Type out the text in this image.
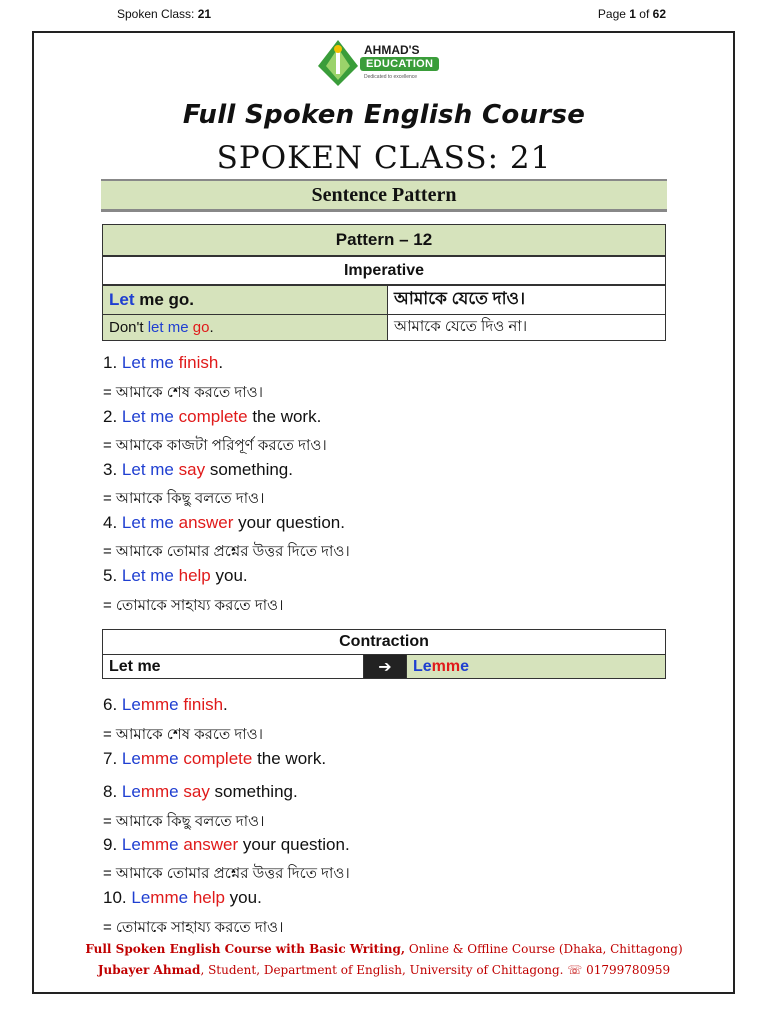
Spoken Class: 21	Page 1 of 62
AHMAD'S
EDUCATION
Dedicated to excellence
Full Spoken English Course
SPOKEN CLASS: 21
Sentence Pattern
Pattern – 12	
Imperative	
Let me go.	আমাকে যেতে দাও।
Don't let me go.	আমাকে যেতে দিও না।
1. Let me finish.
= আমাকে শেষ করতে দাও।
2. Let me complete the work.
= আমাকে কাজটা পরিপূর্ণ করতে দাও।
3. Let me say something.
= আমাকে কিছু বলতে দাও।
4. Let me answer your question.
= আমাকে তোমার প্রশ্নের উত্তর দিতে দাও।
5. Let me help you.
= তোমাকে সাহায্য করতে দাও।
Contraction
Let me	➔	Lemme
6. Lemme finish.
= আমাকে শেষ করতে দাও।
7. Lemme complete the work.
8. Lemme say something.
= আমাকে কিছু বলতে দাও।
9. Lemme answer your question.
= আমাকে তোমার প্রশ্নের উত্তর দিতে দাও।
10. Lemme help you.
= তোমাকে সাহায্য করতে দাও।
Full Spoken English Course with Basic Writing, Online & Offline Course (Dhaka, Chittagong)
Jubayer Ahmad, Student, Department of English, University of Chittagong. ☏ 01799780959
